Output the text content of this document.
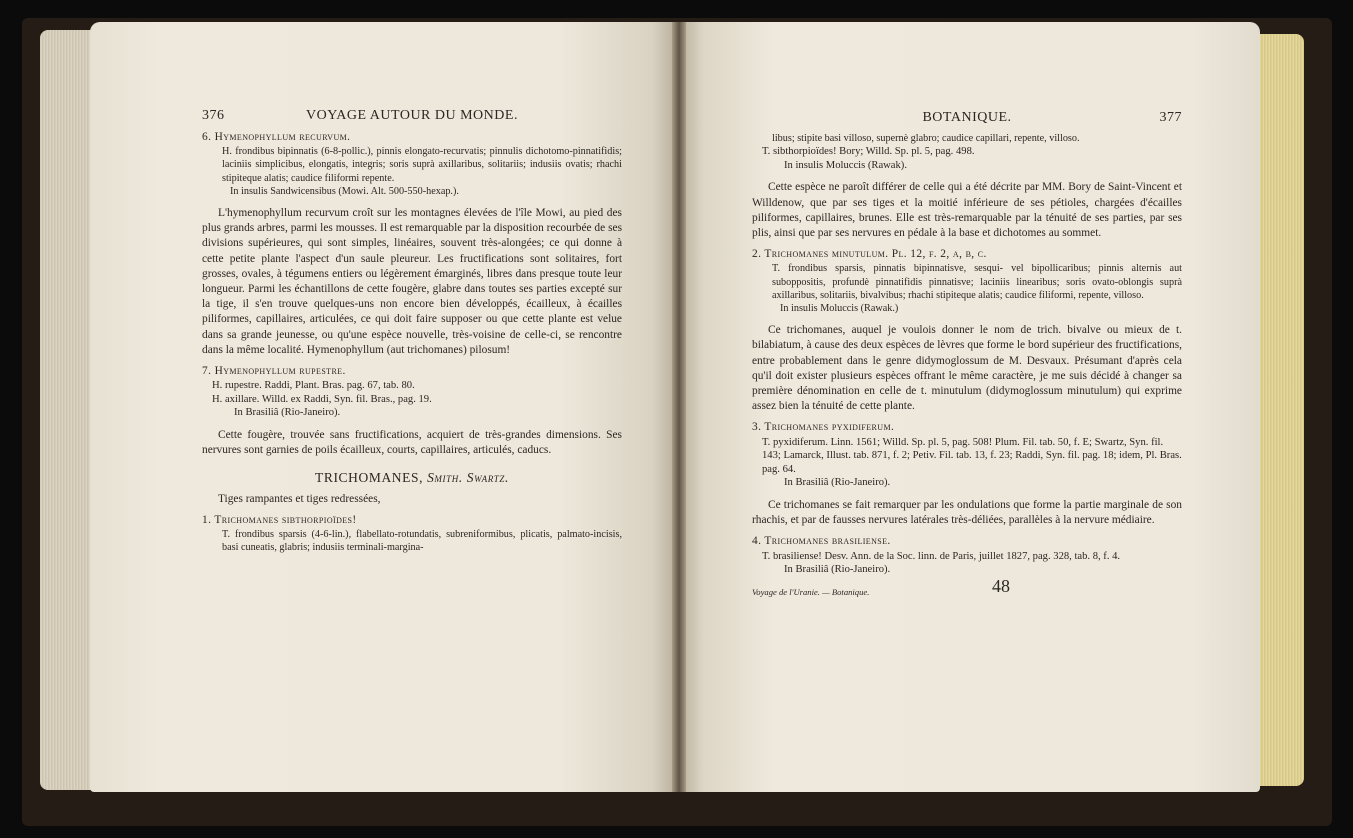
376	VOYAGE AUTOUR DU MONDE.
6. Hymenophyllum recurvum.

H. frondibus bipinnatis (6-8-pollic.), pinnis elongato-recurvatis; pinnulis dichotomo-pinnatifidis; laciniis simplicibus, elongatis, integris; soris suprà axillaribus, solitariis; indusiis ovatis; rhachi stipiteque alatis; caudice filiformi repente.

In insulis Sandwicensibus (Mowi. Alt. 500-550-hexap.).

L'hymenophyllum recurvum croît sur les montagnes élevées de l'île Mowi, au pied des plus grands arbres, parmi les mousses. Il est remarquable par la disposition recourbée de ses divisions supérieures, qui sont simples, linéaires, souvent très-alongées; ce qui donne à cette petite plante l'aspect d'un saule pleureur. Les fructifications sont solitaires, fort grosses, ovales, à tégumens entiers ou légèrement émarginés, libres dans presque toute leur longueur. Parmi les échantillons de cette fougère, glabre dans toutes ses parties excepté sur la tige, il s'en trouve quelques-uns non encore bien développés, écailleux, à écailles piliformes, capillaires, articulées, ce qui doit faire supposer ou que cette plante est velue dans sa grande jeunesse, ou qu'une espèce nouvelle, très-voisine de celle-ci, se rencontre dans la même localité. Hymenophyllum (aut trichomanes) pilosum!

7. Hymenophyllum rupestre.

H. rupestre. Raddi, Plant. Bras. pag. 67, tab. 80.

H. axillare. Willd. ex Raddi, Syn. fil. Bras., pag. 19.

In Brasiliâ (Rio-Janeiro).

Cette fougère, trouvée sans fructifications, acquiert de très-grandes dimensions. Ses nervures sont garnies de poils écailleux, courts, capillaires, articulés, caducs.

TRICHOMANES, Smith. Swartz.

Tiges rampantes et tiges redressées,

1. Trichomanes sibthorpioïdes!

T. frondibus sparsis (4-6-lin.), flabellato-rotundatis, subreniformibus, plicatis, palmato-incisis, basi cuneatis, glabris; indusiis terminali-margina-

BOTANIQUE.	377

libus; stipite basi villoso, supernè glabro; caudice capillari, repente, villoso.

T. sibthorpioïdes! Bory; Willd. Sp. pl. 5, pag. 498.

In insulis Moluccis (Rawak).

Cette espèce ne paroît différer de celle qui a été décrite par MM. Bory de Saint-Vincent et Willdenow, que par ses tiges et la moitié inférieure de ses pétioles, chargées d'écailles piliformes, capillaires, brunes. Elle est très-remarquable par la ténuité de ses parties, par ses plis, ainsi que par ses nervures en pédale à la base et dichotomes au sommet.

2. Trichomanes minutulum. Pl. 12, f. 2, a, b, c.

T. frondibus sparsis, pinnatis bipinnatisve, sesqui- vel bipollicaribus; pinnis alternis aut suboppositis, profundè pinnatifidis pinnatisve; laciniis linearibus; soris ovato-oblongis suprà axillaribus, solitariis, bivalvibus; rhachi stipiteque alatis; caudice filiformi, repente, villoso.

In insulis Moluccis (Rawak.)

Ce trichomanes, auquel je voulois donner le nom de trich. bivalve ou mieux de t. bilabiatum, à cause des deux espèces de lèvres que forme le bord supérieur des fructifications, entre probablement dans le genre didymoglossum de M. Desvaux. Présumant d'après cela qu'il doit exister plusieurs espèces offrant le même caractère, je me suis décidé à changer sa première dénomination en celle de t. minutulum (didymoglossum minutulum) qui exprime assez bien la ténuité de cette plante.

3. Trichomanes pyxidiferum.

T. pyxidiferum. Linn. 1561; Willd. Sp. pl. 5, pag. 508! Plum. Fil. tab. 50, f. E; Swartz, Syn. fil. 143; Lamarck, Illust. tab. 871, f. 2; Petiv. Fil. tab. 13, f. 23; Raddi, Syn. fil. pag. 18; idem, Pl. Bras. pag. 64.

In Brasiliâ (Rio-Janeiro).

Ce trichomanes se fait remarquer par les ondulations que forme la partie marginale de son rhachis, et par de fausses nervures latérales très-déliées, parallèles à la nervure médiaire.

4. Trichomanes brasiliense.

T. brasiliense! Desv. Ann. de la Soc. linn. de Paris, juillet 1827, pag. 328, tab. 8, f. 4.

In Brasiliâ (Rio-Janeiro).

Voyage de l'Uranie. — Botanique.	48
